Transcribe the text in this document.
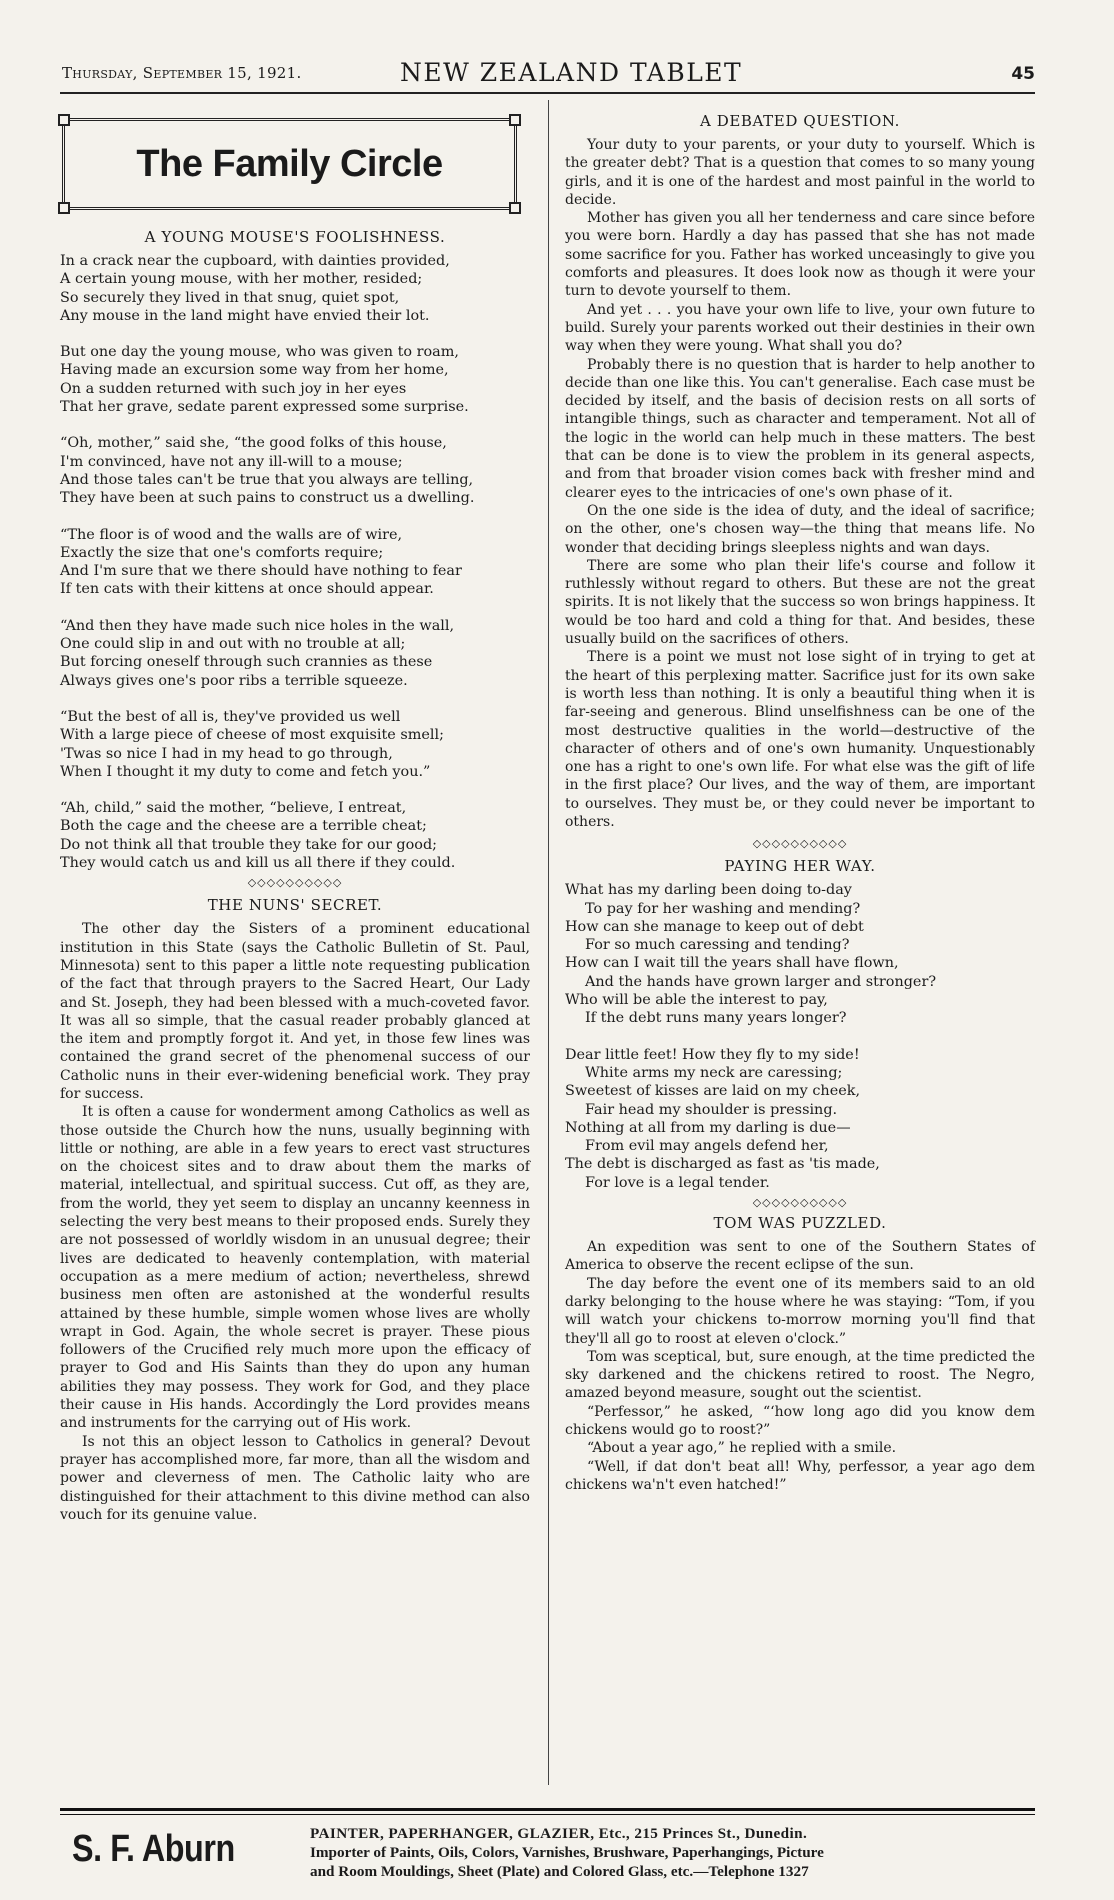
Thursday, September 15, 1921.	NEW ZEALAND TABLET	45
The Family Circle
A YOUNG MOUSE'S FOOLISHNESS.

In a crack near the cupboard, with dainties provided,

A certain young mouse, with her mother, resided;

So securely they lived in that snug, quiet spot,

Any mouse in the land might have envied their lot.

But one day the young mouse, who was given to roam,

Having made an excursion some way from her home,

On a sudden returned with such joy in her eyes

That her grave, sedate parent expressed some surprise.

“Oh, mother,” said she, “the good folks of this house,

I'm convinced, have not any ill-will to a mouse;

And those tales can't be true that you always are telling,

They have been at such pains to construct us a dwelling.

“The floor is of wood and the walls are of wire,

Exactly the size that one's comforts require;

And I'm sure that we there should have nothing to fear

If ten cats with their kittens at once should appear.

“And then they have made such nice holes in the wall,

One could slip in and out with no trouble at all;

But forcing oneself through such crannies as these

Always gives one's poor ribs a terrible squeeze.

“But the best of all is, they've provided us well

With a large piece of cheese of most exquisite smell;

'Twas so nice I had in my head to go through,

When I thought it my duty to come and fetch you.”

“Ah, child,” said the mother, “believe, I entreat,

Both the cage and the cheese are a terrible cheat;

Do not think all that trouble they take for our good;

They would catch us and kill us all there if they could.

◇◇◇◇◇◇◇◇◇◇
THE NUNS' SECRET.

The other day the Sisters of a prominent educational institution in this State (says the Catholic Bulletin of St. Paul, Minnesota) sent to this paper a little note requesting publication of the fact that through prayers to the Sacred Heart, Our Lady and St. Joseph, they had been blessed with a much-coveted favor. It was all so simple, that the casual reader probably glanced at the item and promptly forgot it. And yet, in those few lines was contained the grand secret of the phenomenal success of our Catholic nuns in their ever-widening beneficial work. They pray for success.

It is often a cause for wonderment among Catholics as well as those outside the Church how the nuns, usually beginning with little or nothing, are able in a few years to erect vast structures on the choicest sites and to draw about them the marks of material, intellectual, and spiritual success. Cut off, as they are, from the world, they yet seem to display an uncanny keenness in selecting the very best means to their proposed ends. Surely they are not possessed of worldly wisdom in an unusual degree; their lives are dedicated to heavenly contemplation, with material occupation as a mere medium of action; nevertheless, shrewd business men often are astonished at the wonderful results attained by these humble, simple women whose lives are wholly wrapt in God. Again, the whole secret is prayer. These pious followers of the Crucified rely much more upon the efficacy of prayer to God and His Saints than they do upon any human abilities they may possess. They work for God, and they place their cause in His hands. Accordingly the Lord provides means and instruments for the carrying out of His work.

Is not this an object lesson to Catholics in general? Devout prayer has accomplished more, far more, than all the wisdom and power and cleverness of men. The Catholic laity who are distinguished for their attachment to this divine method can also vouch for its genuine value.

A DEBATED QUESTION.

Your duty to your parents, or your duty to yourself. Which is the greater debt? That is a question that comes to so many young girls, and it is one of the hardest and most painful in the world to decide.

Mother has given you all her tenderness and care since before you were born. Hardly a day has passed that she has not made some sacrifice for you. Father has worked unceasingly to give you comforts and pleasures. It does look now as though it were your turn to devote yourself to them.

And yet . . . you have your own life to live, your own future to build. Surely your parents worked out their destinies in their own way when they were young. What shall you do?

Probably there is no question that is harder to help another to decide than one like this. You can't generalise. Each case must be decided by itself, and the basis of decision rests on all sorts of intangible things, such as character and temperament. Not all of the logic in the world can help much in these matters. The best that can be done is to view the problem in its general aspects, and from that broader vision comes back with fresher mind and clearer eyes to the intricacies of one's own phase of it.

On the one side is the idea of duty, and the ideal of sacrifice; on the other, one's chosen way—the thing that means life. No wonder that deciding brings sleepless nights and wan days.

There are some who plan their life's course and follow it ruthlessly without regard to others. But these are not the great spirits. It is not likely that the success so won brings happiness. It would be too hard and cold a thing for that. And besides, these usually build on the sacrifices of others.

There is a point we must not lose sight of in trying to get at the heart of this perplexing matter. Sacrifice just for its own sake is worth less than nothing. It is only a beautiful thing when it is far-seeing and generous. Blind unselfishness can be one of the most destructive qualities in the world—destructive of the character of others and of one's own humanity. Unquestionably one has a right to one's own life. For what else was the gift of life in the first place? Our lives, and the way of them, are important to ourselves. They must be, or they could never be important to others.

◇◇◇◇◇◇◇◇◇◇
PAYING HER WAY.

What has my darling been doing to-day

To pay for her washing and mending?

How can she manage to keep out of debt

For so much caressing and tending?

How can I wait till the years shall have flown,

And the hands have grown larger and stronger?

Who will be able the interest to pay,

If the debt runs many years longer?

Dear little feet! How they fly to my side!

White arms my neck are caressing;

Sweetest of kisses are laid on my cheek,

Fair head my shoulder is pressing.

Nothing at all from my darling is due—

From evil may angels defend her,

The debt is discharged as fast as 'tis made,

For love is a legal tender.

◇◇◇◇◇◇◇◇◇◇
TOM WAS PUZZLED.

An expedition was sent to one of the Southern States of America to observe the recent eclipse of the sun.

The day before the event one of its members said to an old darky belonging to the house where he was staying: “Tom, if you will watch your chickens to-morrow morning you'll find that they'll all go to roost at eleven o'clock.”

Tom was sceptical, but, sure enough, at the time predicted the sky darkened and the chickens retired to roost. The Negro, amazed beyond measure, sought out the scientist.

“Perfessor,” he asked, “‘how long ago did you know dem chickens would go to roost?”

“About a year ago,” he replied with a smile.

“Well, if dat don't beat all! Why, perfessor, a year ago dem chickens wa'n't even hatched!”

S. F. Aburn	PAINTER, PAPERHANGER, GLAZIER, Etc., 215 Princes St., Dunedin.
Importer of Paints, Oils, Colors, Varnishes, Brushware, Paperhangings, Picture
and Room Mouldings, Sheet (Plate) and Colored Glass, etc.—Telephone 1327
